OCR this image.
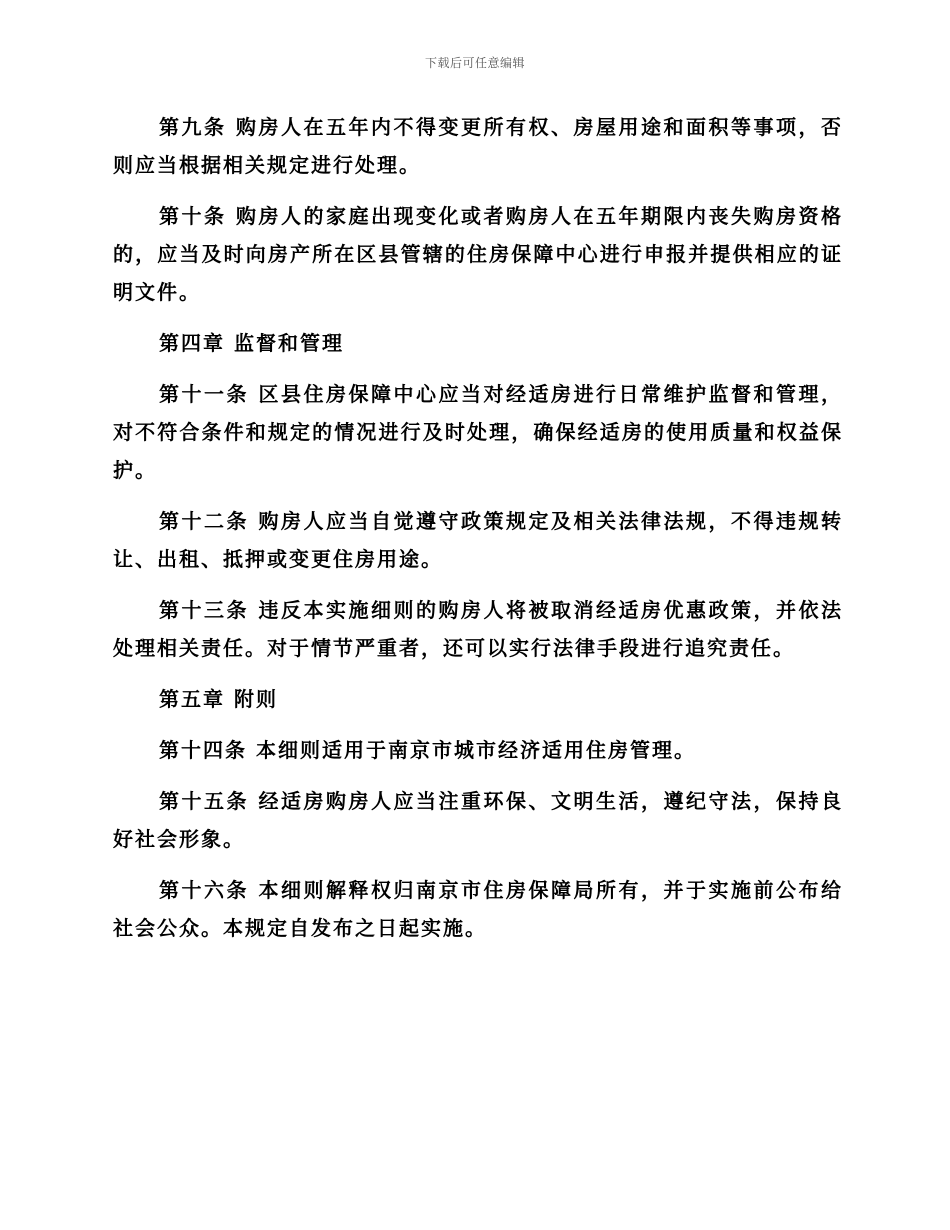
下载后可任意编辑

第九条 购房人在五年内不得变更所有权、房屋用途和面积等事项，否则应当根据相关规定进行处理。

第十条 购房人的家庭出现变化或者购房人在五年期限内丧失购房资格的，应当及时向房产所在区县管辖的住房保障中心进行申报并提供相应的证明文件。

第四章 监督和管理

第十一条 区县住房保障中心应当对经适房进行日常维护监督和管理，对不符合条件和规定的情况进行及时处理，确保经适房的使用质量和权益保护。

第十二条 购房人应当自觉遵守政策规定及相关法律法规，不得违规转让、出租、抵押或变更住房用途。

第十三条 违反本实施细则的购房人将被取消经适房优惠政策，并依法处理相关责任。对于情节严重者，还可以实行法律手段进行追究责任。

第五章 附则

第十四条 本细则适用于南京市城市经济适用住房管理。

第十五条 经适房购房人应当注重环保、文明生活，遵纪守法，保持良好社会形象。

第十六条 本细则解释权归南京市住房保障局所有，并于实施前公布给社会公众。本规定自发布之日起实施。
